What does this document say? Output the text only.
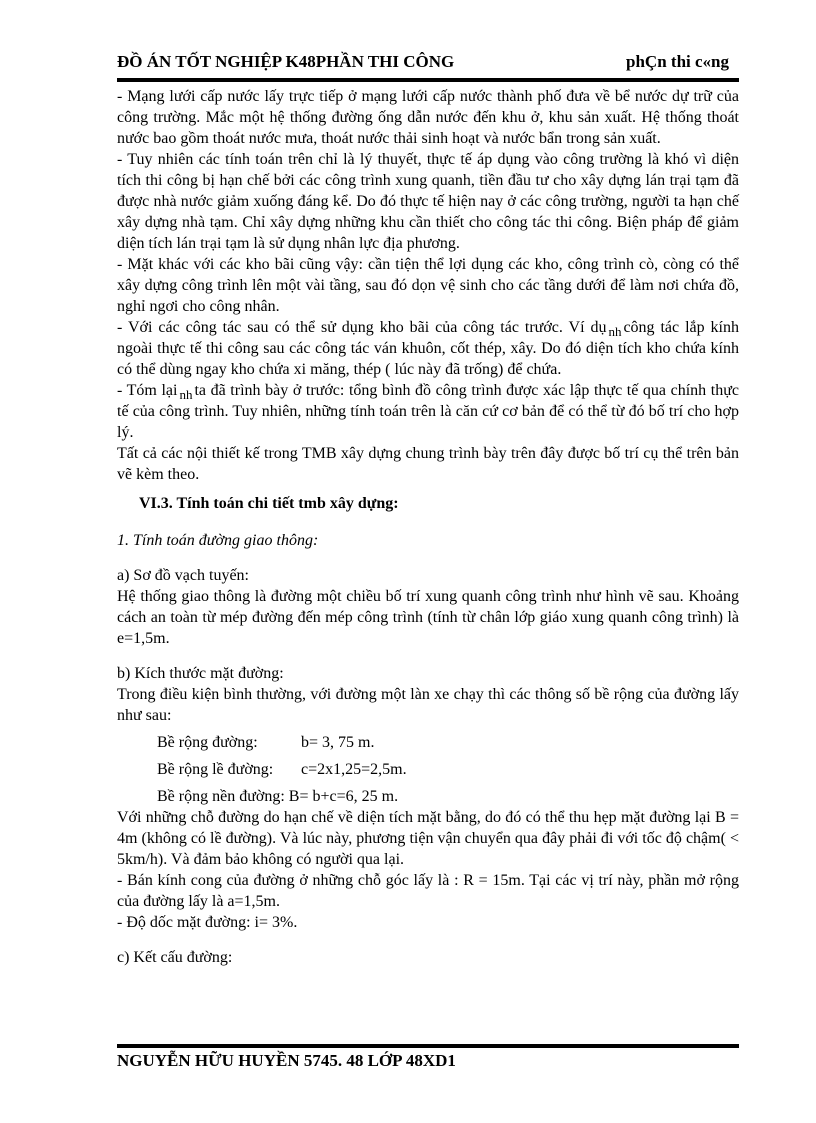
ĐỒ ÁN TỐT NGHIỆP K48PHẦN THI CÔNG	phÇn thi c«ng

- Mạng lưới cấp nước lấy trực tiếp ở mạng lưới cấp nước thành phố đưa về bể nước dự trữ của công trường. Mắc một hệ thống đường ống dẫn nước đến khu ở, khu sản xuất. Hệ thống thoát nước bao gồm thoát nước mưa, thoát nước thải sinh hoạt và nước bẩn trong sản xuất.

- Tuy nhiên các tính toán trên chỉ là lý thuyết, thực tế áp dụng vào công trường là khó vì diện tích thi công bị hạn chế bởi các công trình xung quanh, tiền đầu tư cho xây dựng lán trại tạm đã được nhà nước giảm xuống đáng kể. Do đó thực tế hiện nay ở các công trường, người ta hạn chế xây dựng nhà tạm. Chỉ xây dựng những khu cần thiết cho công tác thi công. Biện pháp để giảm diện tích lán trại tạm là sử dụng nhân lực địa phương.

- Mặt khác với các kho bãi cũng vậy: cần tiện thể lợi dụng các kho, công trình cò, còng có thể xây dựng công trình lên một vài tầng, sau đó dọn vệ sinh cho các tầng dưới để làm nơi chứa đồ, nghỉ ngơi cho công nhân.

- Với các công tác sau có thể sử dụng kho bãi của công tác trước. Ví dụ $_{nh}$ công tác lắp kính ngoài thực tế thi công sau các công tác ván khuôn, cốt thép, xây. Do đó diện tích kho chứa kính có thể dùng ngay kho chứa xi măng, thép ( lúc này đã trống) để chứa.

- Tóm lại $_{nh}$ ta đã trình bày ở trước: tổng bình đồ công trình được xác lập thực tế qua chính thực tế của công trình. Tuy nhiên, những tính toán trên là căn cứ cơ bản để có thể từ đó bố trí cho hợp lý.

Tất cả các nội thiết kế trong TMB xây dựng chung trình bày trên đây được bố trí cụ thể trên bản vẽ kèm theo.

VI.3. Tính toán chi tiết tmb xây dựng:

1. Tính toán đường giao thông:

a) Sơ đồ vạch tuyến:

Hệ thống giao thông là đường một chiều bố trí xung quanh công trình như hình vẽ sau. Khoảng cách an toàn từ mép đường đến mép công trình (tính từ chân lớp giáo xung quanh công trình) là e=1,5m.

b) Kích thước mặt đường:

Trong điều kiện bình thường, với đường một làn xe chạy thì các thông số bề rộng của đường lấy như sau:

Bề rộng đường:	b= 3, 75 m.

Bề rộng lề đường: c=2x1,25=2,5m.

Bề rộng nền đường: B= b+c=6, 25 m.

Với những chỗ đường do hạn chế về diện tích mặt bằng, do đó có thể thu hẹp mặt đường lại B = 4m (không có lề đường). Và lúc này, phương tiện vận chuyển qua đây phải đi với tốc độ chậm( < 5km/h). Và đảm bảo không có người qua lại.

- Bán kính cong của đường ở những chỗ góc lấy là : R = 15m. Tại các vị trí này, phần mở rộng của đường lấy là a=1,5m.

- Độ dốc mặt đường: i= 3%.

c) Kết cấu đường:

NGUYỄN HỮU HUYỀN 5745. 48 LỚP 48XD1
